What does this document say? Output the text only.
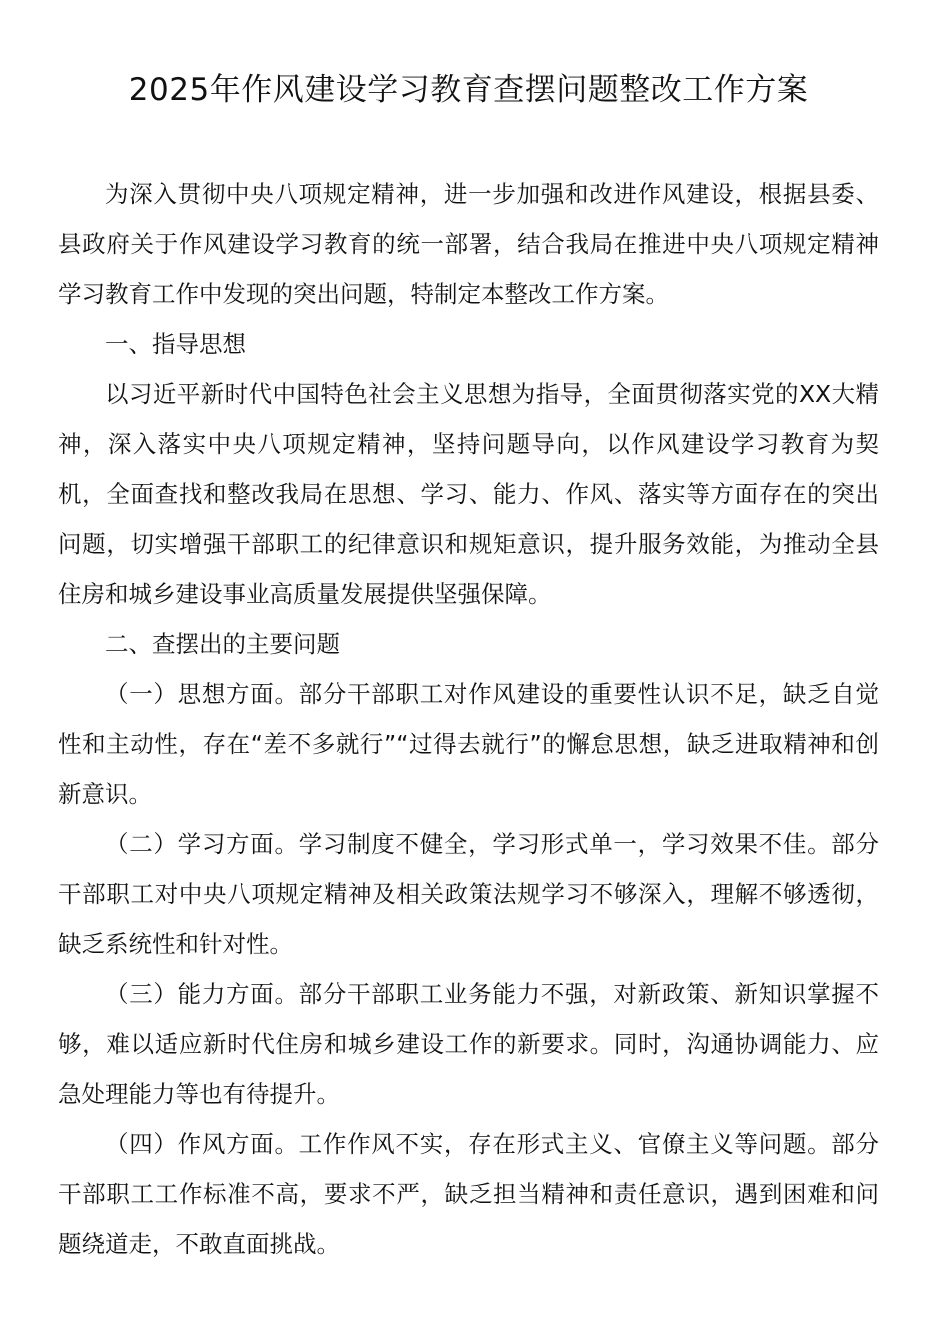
2025年作风建设学习教育查摆问题整改工作方案

为深入贯彻中央八项规定精神，进一步加强和改进作风建设，根据县委、县政府关于作风建设学习教育的统一部署，结合我局在推进中央八项规定精神学习教育工作中发现的突出问题，特制定本整改工作方案。

一、指导思想

以习近平新时代中国特色社会主义思想为指导，全面贯彻落实党的XX大精神，深入落实中央八项规定精神，坚持问题导向，以作风建设学习教育为契机，全面查找和整改我局在思想、学习、能力、作风、落实等方面存在的突出问题，切实增强干部职工的纪律意识和规矩意识，提升服务效能，为推动全县住房和城乡建设事业高质量发展提供坚强保障。

二、查摆出的主要问题

（一）思想方面。部分干部职工对作风建设的重要性认识不足，缺乏自觉性和主动性，存在“差不多就行”“过得去就行”的懈怠思想，缺乏进取精神和创新意识。

（二）学习方面。学习制度不健全，学习形式单一，学习效果不佳。部分干部职工对中央八项规定精神及相关政策法规学习不够深入，理解不够透彻，缺乏系统性和针对性。

（三）能力方面。部分干部职工业务能力不强，对新政策、新知识掌握不够，难以适应新时代住房和城乡建设工作的新要求。同时，沟通协调能力、应急处理能力等也有待提升。

（四）作风方面。工作作风不实，存在形式主义、官僚主义等问题。部分干部职工工作标准不高，要求不严，缺乏担当精神和责任意识，遇到困难和问题绕道走，不敢直面挑战。
